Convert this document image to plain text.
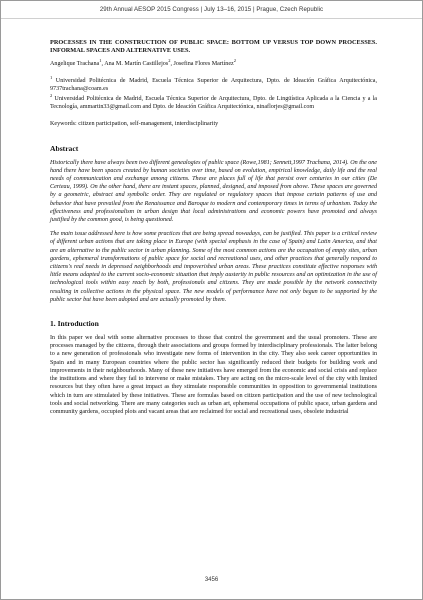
29th Annual AESOP 2015 Congress | July 13–16, 2015 | Prague, Czech Republic
PROCESSES IN THE CONSTRUCTION OF PUBLIC SPACE: BOTTOM UP VERSUS TOP DOWN PROCESSES. INFORMAL SPACES AND ALTERNATIVE USES.
Angelique Trachana$^1$, Ana M. Martín Castillejos$^2$, Josefina Flores Martínez$^2$
$^1$ Universidad Politécnica de Madrid, Escuela Técnica Superior de Arquitectura, Dpto. de Ideación Gráfica Arquitectónica, 9737trachana@coam.es
$^2$ Universidad Politécnica de Madrid, Escuela Técnica Superior de Arquitectura, Dpto. de Lingüística Aplicada a la Ciencia y a la Tecnología, ammartin33@gmail.com and Dpto. de Ideación Gráfica Arquitectónica, ninaflorjes@gmail.com
Keywords: citizen participation, self-management, interdisciplinarity
Abstract

Historically there have always been two different genealogies of public space (Rowe,1981; Sennett,1997 Trachana, 2014). On the one hand there have been spaces created by human societies over time, based on evolution, empirical knowledge, daily life and the real needs of communication and exchange among citizens. These are places full of life that persist over centuries in our cities (De Certeau, 1999). On the other hand, there are instant spaces, planned, designed, and imposed from above. These spaces are governed by a geometric, abstract and symbolic order. They are regulated or regulatory spaces that impose certain patterns of use and behavior that have prevailed from the Renaissance and Baroque to modern and contemporary times in terms of urbanism. Today the effectiveness and professionalism in urban design that local administrations and economic powers have promoted and always justified by the common good, is being questioned.

The main issue addressed here is how some practices that are being spread nowadays, can be justified. This paper is a critical review of different urban actions that are taking place in Europe (with special emphasis in the case of Spain) and Latin America, and that are an alternative to the public sector in urban planning. Some of the most common actions are the occupation of empty sites, urban gardens, ephemeral transformations of public space for social and recreational uses, and other practices that generally respond to citizens's real needs in depressed neighborhoods and impoverished urban areas. These practices constitute effective responses with little means adapted to the current socio-economic situation that imply austerity in public resources and an optimization in the use of technological tools within easy reach by both, professionals and citizens. They are made possible by the network connectivity resulting in collective actions in the physical space. The new models of performance have not only begun to be supported by the public sector but have been adopted and are actually promoted by them.

1. Introduction

In this paper we deal with some alternative processes to those that control the government and the usual promoters. These are processes managed by the citizens, through their associations and groups formed by interdisciplinary professionals. The latter belong to a new generation of professionals who investigate new forms of intervention in the city. They also seek career opportunities in Spain and in many European countries where the public sector has significantly reduced their budgets for building work and improvements in their neighbourhoods. Many of these new initiatives have emerged from the economic and social crisis and replace the institutions and where they fail to intervene or make mistakes. They are acting on the micro-scale level of the city with limited resources but they often have a great impact as they stimulate responsible communities in opposition to governmental institutions which in turn are stimulated by these initiatives. These are formulas based on citizen participation and the use of new technological tools and social networking. There are many categories such as urban art, ephemeral occupations of public space, urban gardens and community gardens, occupied plots and vacant areas that are reclaimed for social and recreational uses, obsolete industrial

3456
